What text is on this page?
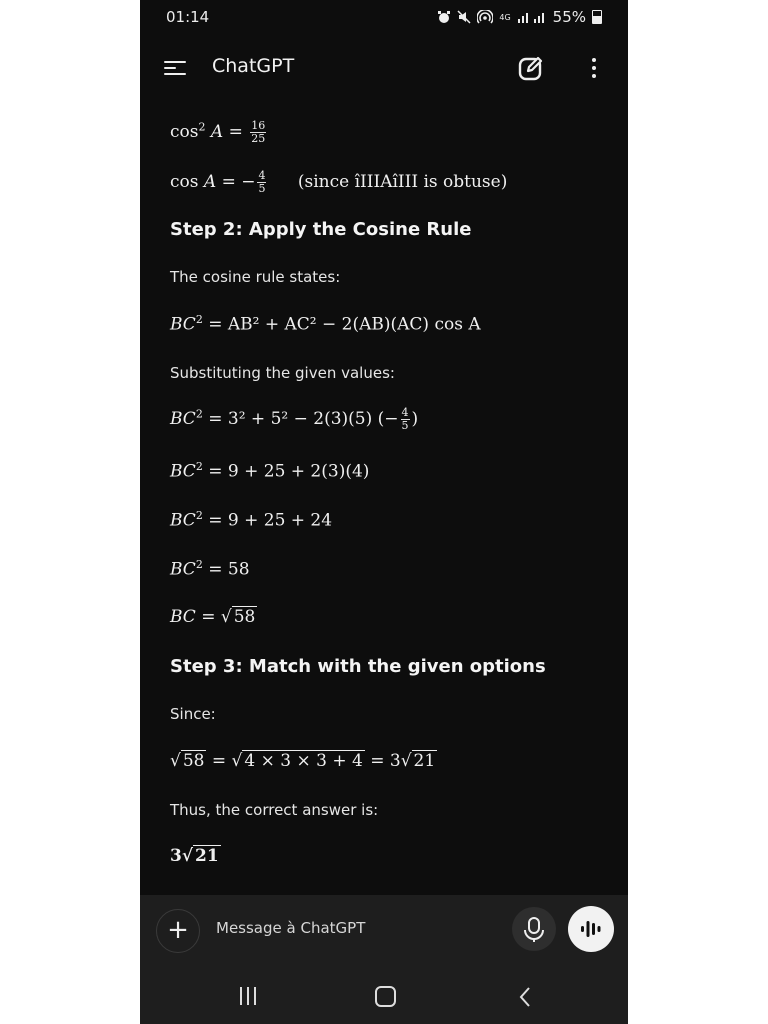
01:14	4G	55%
ChatGPT
$\cos^2 A = \frac{16}{25}$
cos A = − $\frac{4}{5}$ (since îIIIAîIII is obtuse)
Step 2: Apply the Cosine Rule
The cosine rule states:
$BC^2 = AB^2 + AC^2 - 2(AB)(AC)$ cos A
Substituting the given values:
$BC^2 = 3^2 + 5^2 - 2(3)(5)$ (− $\frac{4}{5}$ )
$BC^2 = 9 + 25 + 2(3)(4)$
$BC^2 = 9 + 25 + 24$
$BC^2 = 58$
BC = √ 58
Step 3: Match with the given options
Since:
√ 58 = √ 4 × 3 × 3 + 4 = 3√ 21
Thus, the correct answer is:
3√ 21
+	Message à ChatGPT
